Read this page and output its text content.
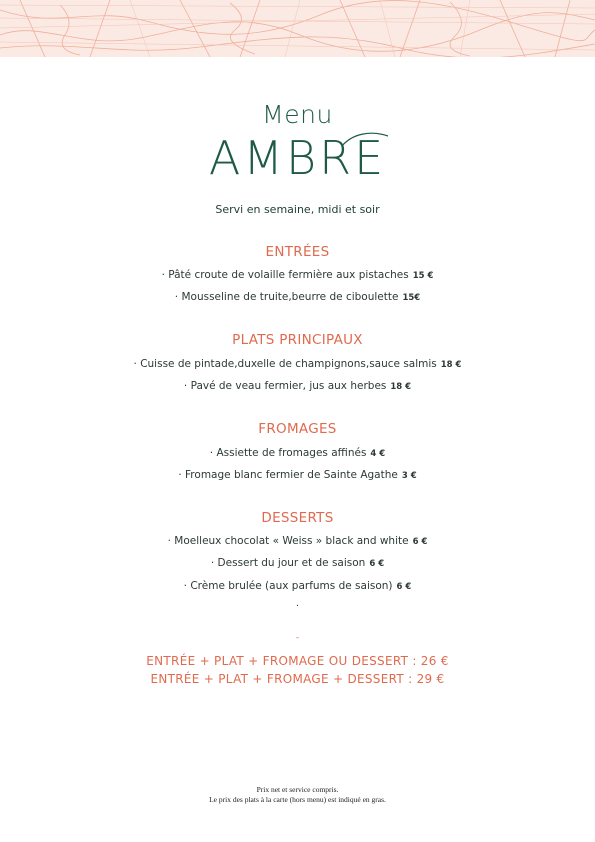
Menu
AMBRE
Servi en semaine, midi et soir
ENTRÉES
· Pâté croute de volaille fermière aux pistaches 15 €
· Mousseline de truite,beurre de ciboulette 15€
PLATS PRINCIPAUX
· Cuisse de pintade,duxelle de champignons,sauce salmis 18 €
· Pavé de veau fermier, jus aux herbes 18 €
FROMAGES
· Assiette de fromages affinés 4 €
· Fromage blanc fermier de Sainte Agathe 3 €
DESSERTS
· Moelleux chocolat « Weiss » black and white 6 €
· Dessert du jour et de saison 6 €
· Crème brulée (aux parfums de saison) 6 €
·
-
ENTRÉE + PLAT + FROMAGE OU DESSERT : 26 €
ENTRÉE + PLAT + FROMAGE + DESSERT : 29 €
Prix net et service compris.
Le prix des plats à la carte (hors menu) est indiqué en gras.
